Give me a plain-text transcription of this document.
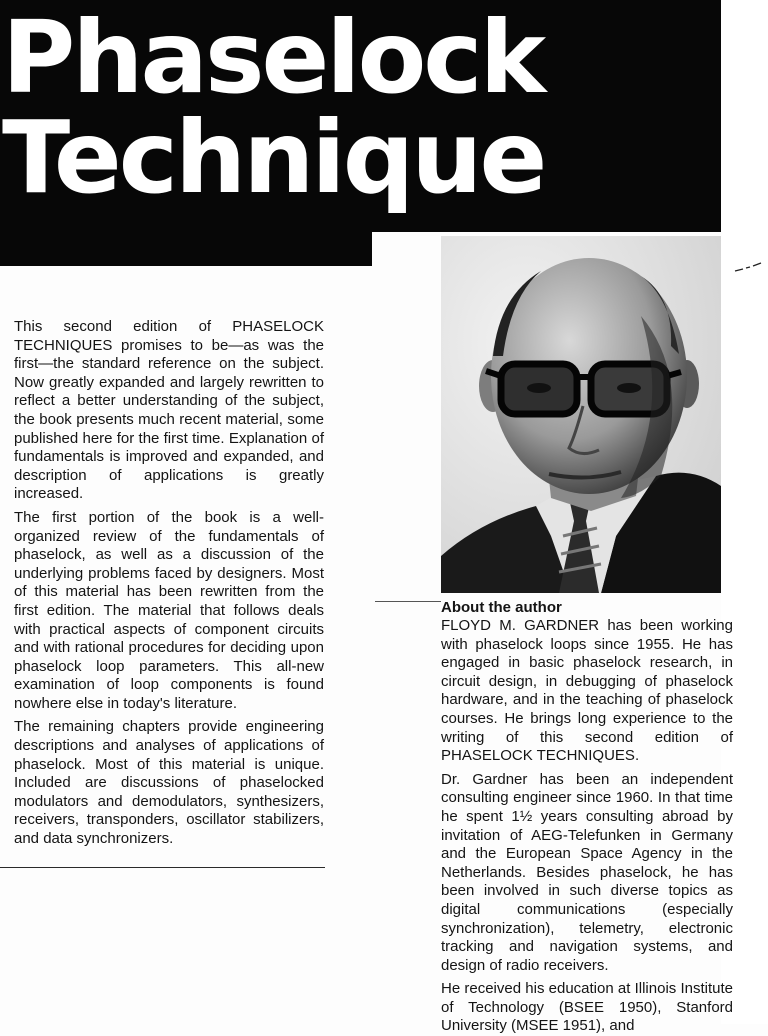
Phaselock
Technique

This second edition of PHASELOCK TECHNIQUES promises to be—as was the first—the standard reference on the subject. Now greatly expanded and largely rewritten to reflect a better understanding of the subject, the book presents much recent material, some published here for the first time. Explanation of fundamentals is improved and expanded, and description of applications is greatly increased.

The first portion of the book is a well-organized review of the fundamentals of phaselock, as well as a discussion of the underlying problems faced by designers. Most of this material has been rewritten from the first edition. The material that follows deals with practical aspects of component circuits and with rational procedures for deciding upon phaselock loop parameters. This all-new examination of loop components is found nowhere else in today's literature.

The remaining chapters provide engineering descriptions and analyses of applications of phaselock. Most of this material is unique. Included are discussions of phaselocked modulators and demodulators, synthesizers, receivers, transponders, oscillator stabilizers, and data synchronizers.

About the author

FLOYD M. GARDNER has been working with phaselock loops since 1955. He has engaged in basic phaselock research, in circuit design, in debugging of phaselock hardware, and in the teaching of phaselock courses. He brings long experience to the writing of this second edition of PHASELOCK TECHNIQUES.

Dr. Gardner has been an independent consulting engineer since 1960. In that time he spent 1½ years consulting abroad by invitation of AEG-Telefunken in Germany and the European Space Agency in the Netherlands. Besides phaselock, he has been involved in such diverse topics as digital communications (especially synchronization), telemetry, electronic tracking and navigation systems, and design of radio receivers.

He received his education at Illinois Institute of Technology (BSEE 1950), Stanford University (MSEE 1951), and
